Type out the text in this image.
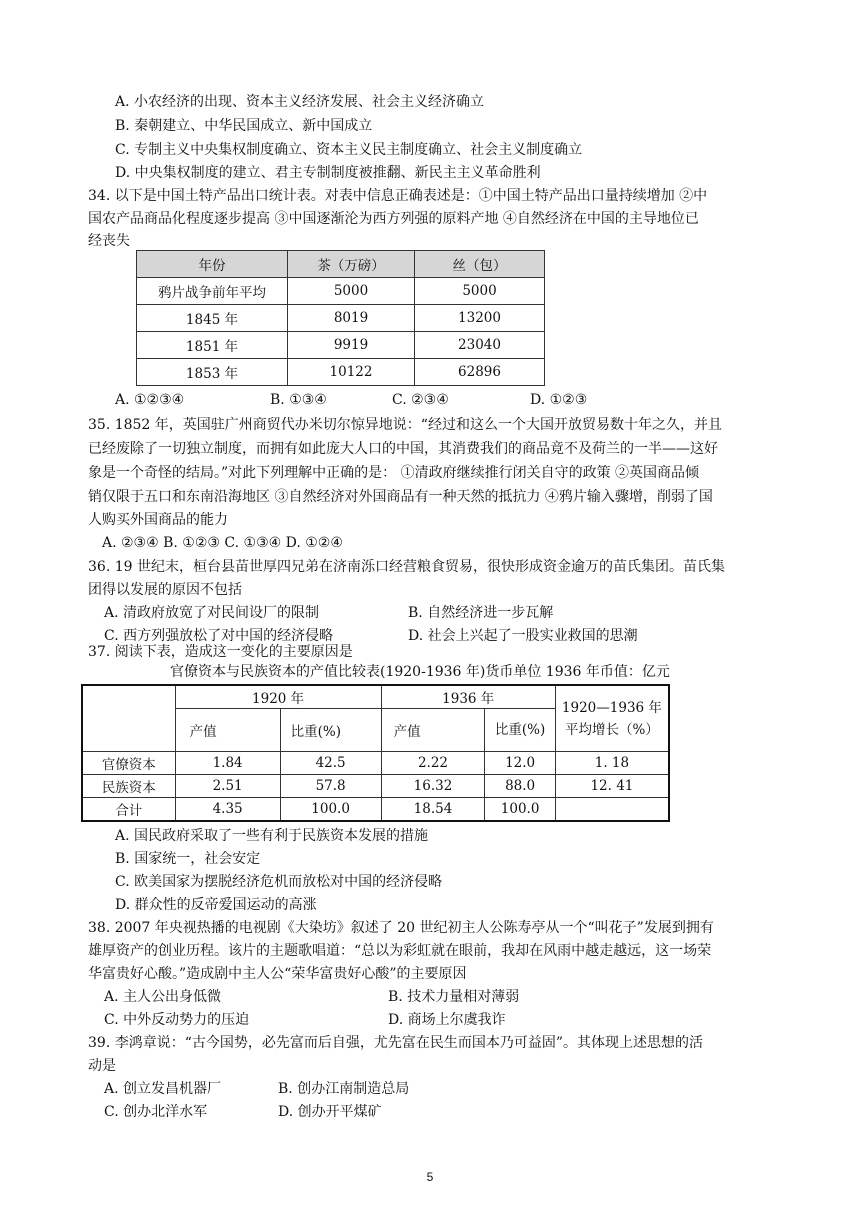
A. 小农经济的出现、资本主义经济发展、社会主义经济确立
B. 秦朝建立、中华民国成立、新中国成立
C. 专制主义中央集权制度确立、资本主义民主制度确立、社会主义制度确立
D. 中央集权制度的建立、君主专制制度被推翻、新民主主义革命胜利
34. 以下是中国土特产品出口统计表。对表中信息正确表述是：①中国土特产品出口量持续增加 ②中
国农产品商品化程度逐步提高 ③中国逐渐沦为西方列强的原料产地 ④自然经济在中国的主导地位已
经丧失
年份	茶（万磅）	丝（包）
鸦片战争前年平均	5000	5000
1845 年	8019	13200
1851 年	9919	23040
1853 年	10122	62896
A. ①②③④	B. ①③④	C. ②③④	D. ①②③
35. 1852 年，英国驻广州商贸代办米切尔惊异地说：“经过和这么一个大国开放贸易数十年之久，并且
已经废除了一切独立制度，而拥有如此庞大人口的中国，其消费我们的商品竟不及荷兰的一半——这好
象是一个奇怪的结局。”对此下列理解中正确的是： ①清政府继续推行闭关自守的政策 ②英国商品倾
销仅限于五口和东南沿海地区 ③自然经济对外国商品有一种天然的抵抗力 ④鸦片输入骤增，削弱了国
人购买外国商品的能力
A. ②③④ B. ①②③ C. ①③④ D. ①②④
36. 19 世纪末，桓台县苗世厚四兄弟在济南泺口经营粮食贸易，很快形成资金逾万的苗氏集团。苗氏集
团得以发展的原因不包括
A. 清政府放宽了对民间设厂的限制	B. 自然经济进一步瓦解
C. 西方列强放松了对中国的经济侵略	D. 社会上兴起了一股实业救国的思潮
37. 阅读下表，造成这一变化的主要原因是
官僚资本与民族资本的产值比较表(1920-1936 年)货币单位 1936 年币值：亿元
	1920 年		1936 年		1920—1936 年平均增长（%）
	产值	比重(%)	产值	比重(%)	
官僚资本	1.84	42.5	2.22	12.0	1. 18
民族资本	2.51	57.8	16.32	88.0	12. 41
合计	4.35	100.0	18.54	100.0	
A. 国民政府采取了一些有利于民族资本发展的措施
B. 国家统一，社会安定
C. 欧美国家为摆脱经济危机而放松对中国的经济侵略
D. 群众性的反帝爱国运动的高涨
38. 2007 年央视热播的电视剧《大染坊》叙述了 20 世纪初主人公陈寿亭从一个“叫花子”发展到拥有
雄厚资产的创业历程。该片的主题歌唱道：“总以为彩虹就在眼前，我却在风雨中越走越远，这一场荣
华富贵好心酸。”造成剧中主人公“荣华富贵好心酸”的主要原因
A. 主人公出身低微	B. 技术力量相对薄弱
C. 中外反动势力的压迫	D. 商场上尔虞我诈
39. 李鸿章说：“古今国势，必先富而后自强，尤先富在民生而国本乃可益固”。其体现上述思想的活
动是
A. 创立发昌机器厂	B. 创办江南制造总局
C. 创办北洋水军	D. 创办开平煤矿
5
